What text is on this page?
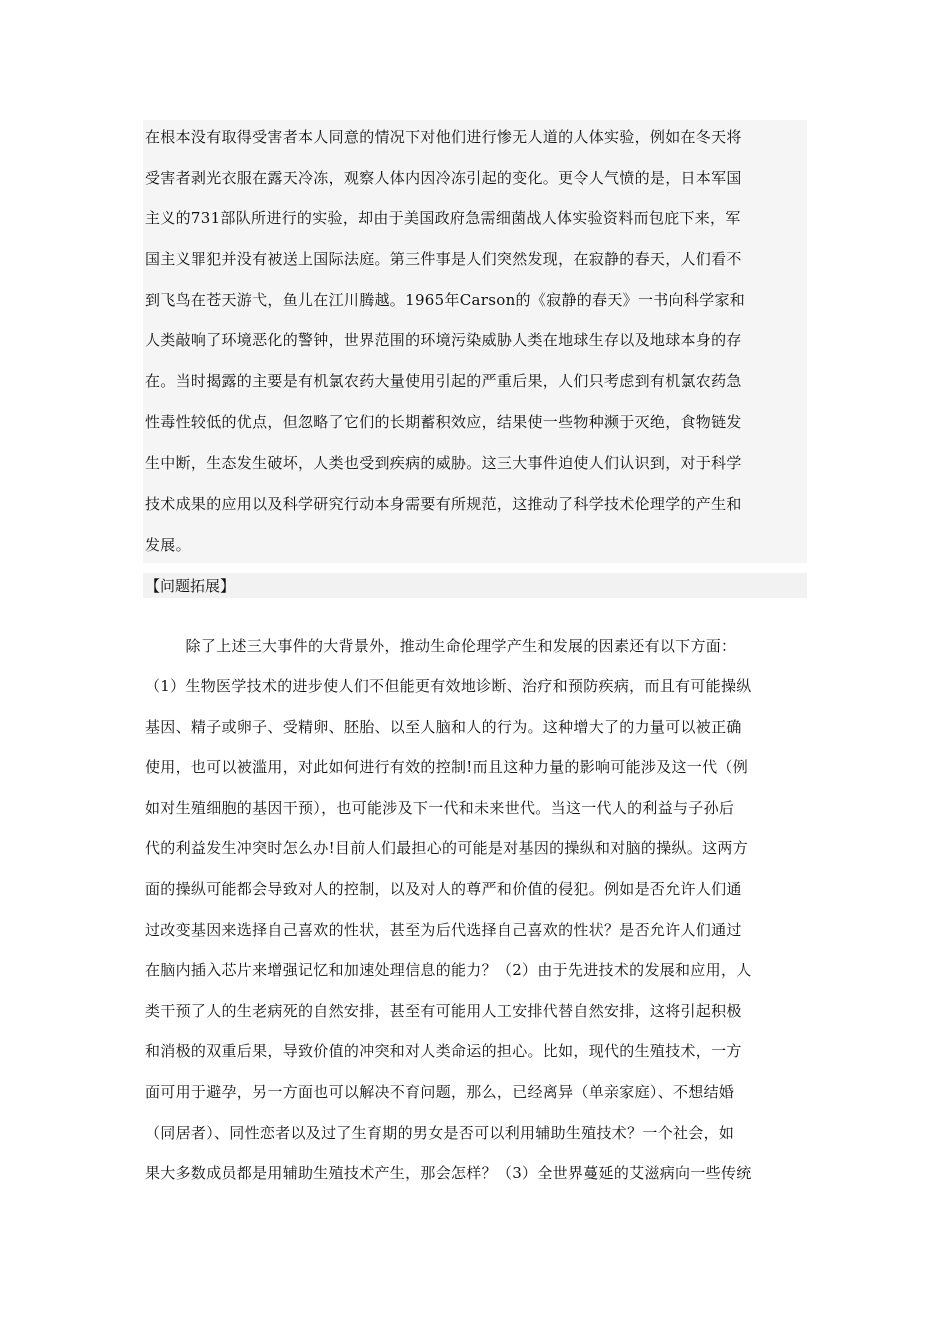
在根本没有取得受害者本人同意的情况下对他们进行惨无人道的人体实验，例如在冬天将

受害者剥光衣服在露天冷冻，观察人体内因冷冻引起的变化。更令人气愤的是，日本军国

主义的731部队所进行的实验，却由于美国政府急需细菌战人体实验资料而包庇下来，军

国主义罪犯并没有被送上国际法庭。第三件事是人们突然发现，在寂静的春天，人们看不

到飞鸟在苍天游弋，鱼儿在江川腾越。1965年Carson的《寂静的春天》一书向科学家和

人类敲响了环境恶化的警钟，世界范围的环境污染威胁人类在地球生存以及地球本身的存

在。当时揭露的主要是有机氯农药大量使用引起的严重后果，人们只考虑到有机氯农药急

性毒性较低的优点，但忽略了它们的长期蓄积效应，结果使一些物种濒于灭绝，食物链发

生中断，生态发生破坏，人类也受到疾病的威胁。这三大事件迫使人们认识到，对于科学

技术成果的应用以及科学研究行动本身需要有所规范，这推动了科学技术伦理学的产生和

发展。

【问题拓展】

除了上述三大事件的大背景外，推动生命伦理学产生和发展的因素还有以下方面：

（1）生物医学技术的进步使人们不但能更有效地诊断、治疗和预防疾病，而且有可能操纵

基因、精子或卵子、受精卵、胚胎、以至人脑和人的行为。这种增大了的力量可以被正确

使用，也可以被滥用，对此如何进行有效的控制!而且这种力量的影响可能涉及这一代（例

如对生殖细胞的基因干预），也可能涉及下一代和未来世代。当这一代人的利益与子孙后

代的利益发生冲突时怎么办!目前人们最担心的可能是对基因的操纵和对脑的操纵。这两方

面的操纵可能都会导致对人的控制，以及对人的尊严和价值的侵犯。例如是否允许人们通

过改变基因来选择自己喜欢的性状，甚至为后代选择自己喜欢的性状？是否允许人们通过

在脑内插入芯片来增强记忆和加速处理信息的能力？（2）由于先进技术的发展和应用，人

类干预了人的生老病死的自然安排，甚至有可能用人工安排代替自然安排，这将引起积极

和消极的双重后果，导致价值的冲突和对人类命运的担心。比如，现代的生殖技术，一方

面可用于避孕，另一方面也可以解决不育问题，那么，已经离异（单亲家庭）、不想结婚

（同居者）、同性恋者以及过了生育期的男女是否可以利用辅助生殖技术？一个社会，如

果大多数成员都是用辅助生殖技术产生，那会怎样？（3）全世界蔓延的艾滋病向一些传统
